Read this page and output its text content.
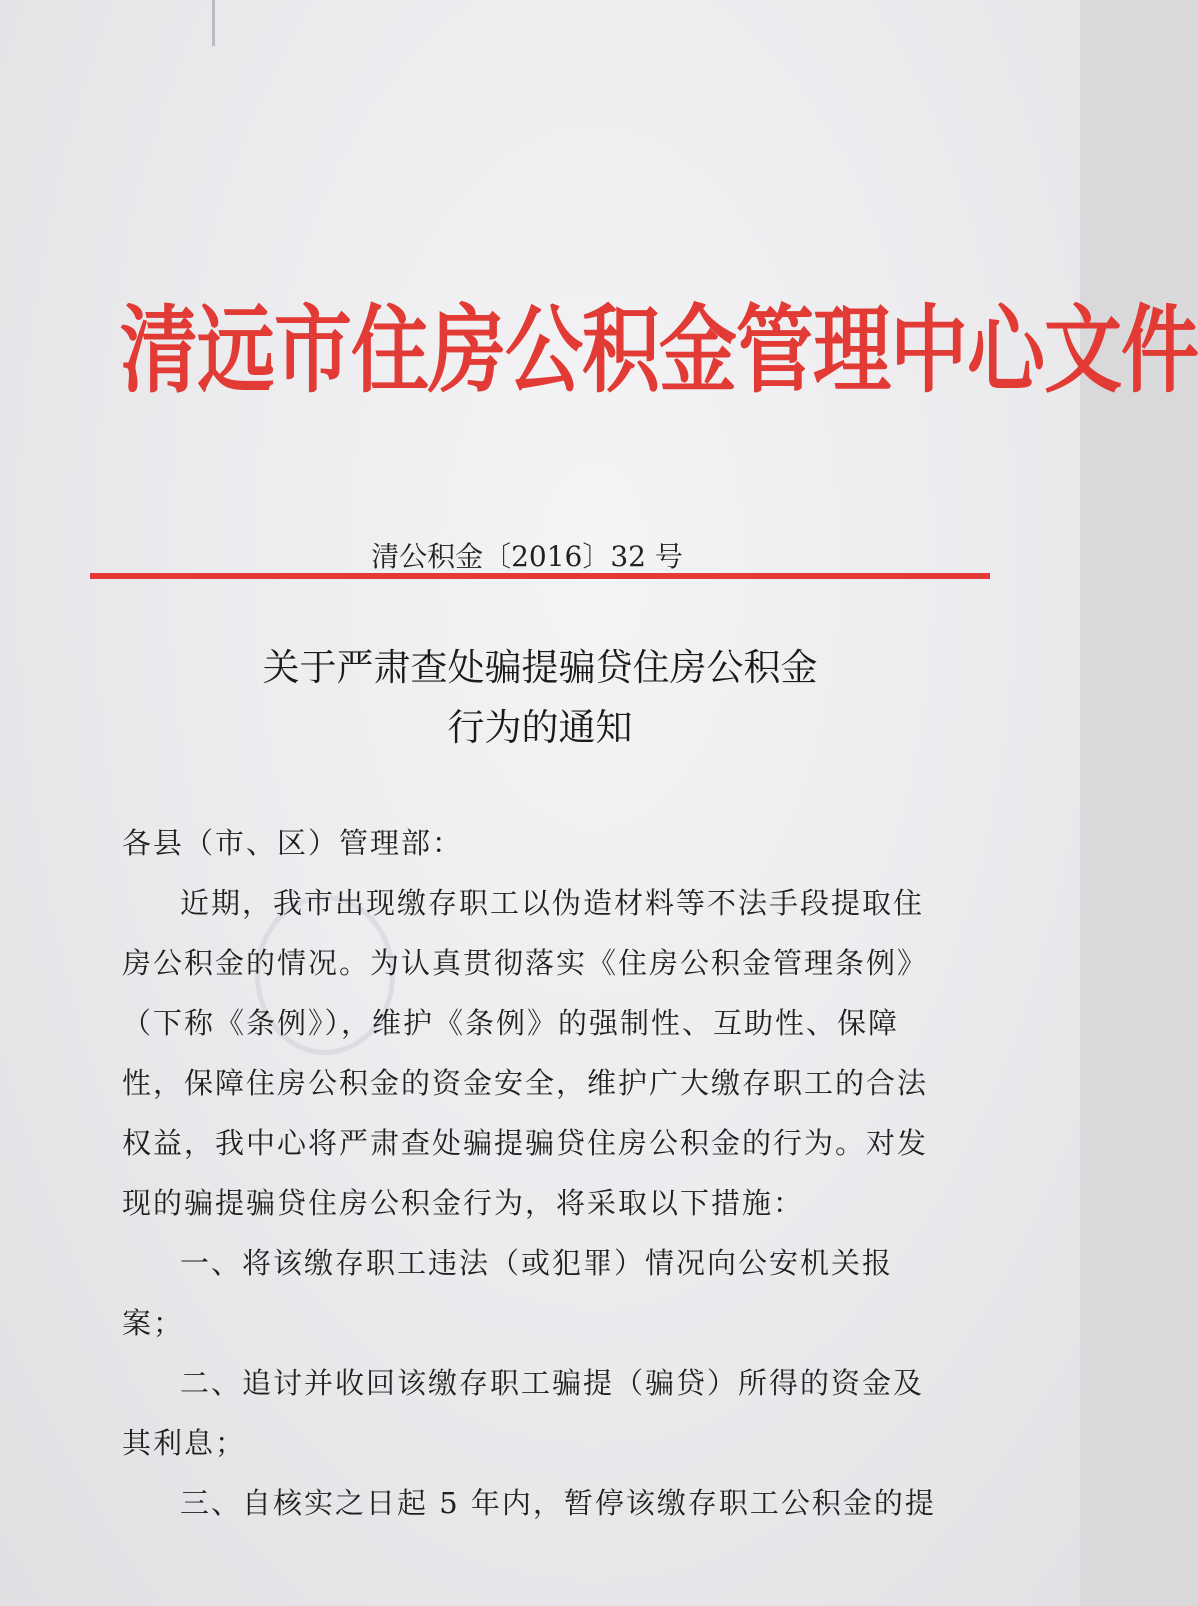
清远市住房公积金管理中心文件
清公积金〔2016〕32 号
关于严肃查处骗提骗贷住房公积金
行为的通知

各县（市、区）管理部：

近期，我市出现缴存职工以伪造材料等不法手段提取住房公积金的情况。为认真贯彻落实《住房公积金管理条例》（下称《条例》），维护《条例》的强制性、互助性、保障性，保障住房公积金的资金安全，维护广大缴存职工的合法权益，我中心将严肃查处骗提骗贷住房公积金的行为。对发现的骗提骗贷住房公积金行为，将采取以下措施：

一、将该缴存职工违法（或犯罪）情况向公安机关报案；

二、追讨并收回该缴存职工骗提（骗贷）所得的资金及其利息；

三、自核实之日起 5 年内，暂停该缴存职工公积金的提
